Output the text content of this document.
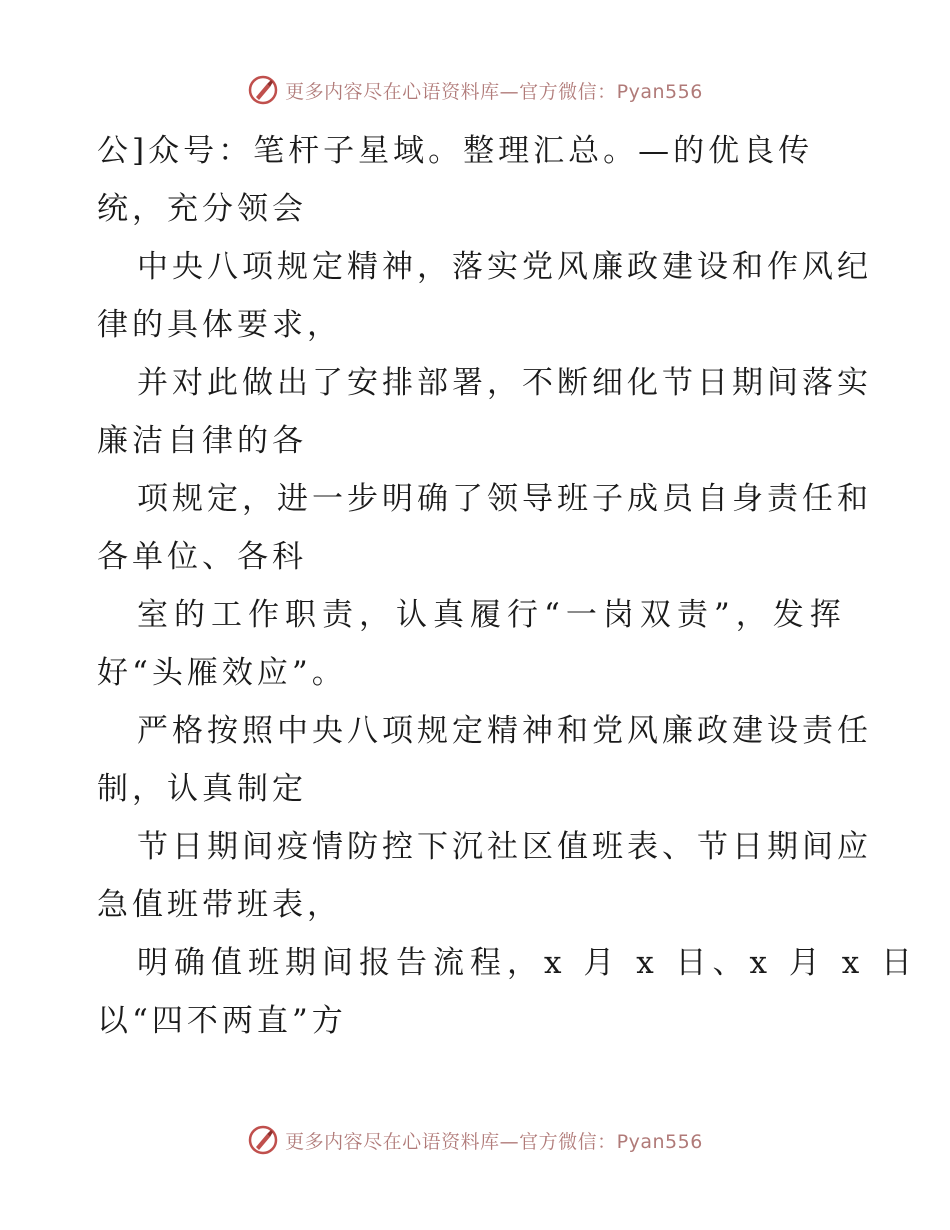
更多内容尽在心语资料库—官方微信：Pyan556
公]众号：笔杆子星域。整理汇总。—的优良传
统，充分领会
中央八项规定精神，落实党风廉政建设和作风纪
律的具体要求，
并对此做出了安排部署，不断细化节日期间落实
廉洁自律的各
项规定，进一步明确了领导班子成员自身责任和
各单位、各科
室的工作职责，认真履行“一岗双责”，发挥
好“头雁效应”。
严格按照中央八项规定精神和党风廉政建设责任
制，认真制定
节日期间疫情防控下沉社区值班表、节日期间应
急值班带班表，
明确值班期间报告流程，x 月 x 日、x 月 x 日
以“四不两直”方
更多内容尽在心语资料库—官方微信：Pyan556
